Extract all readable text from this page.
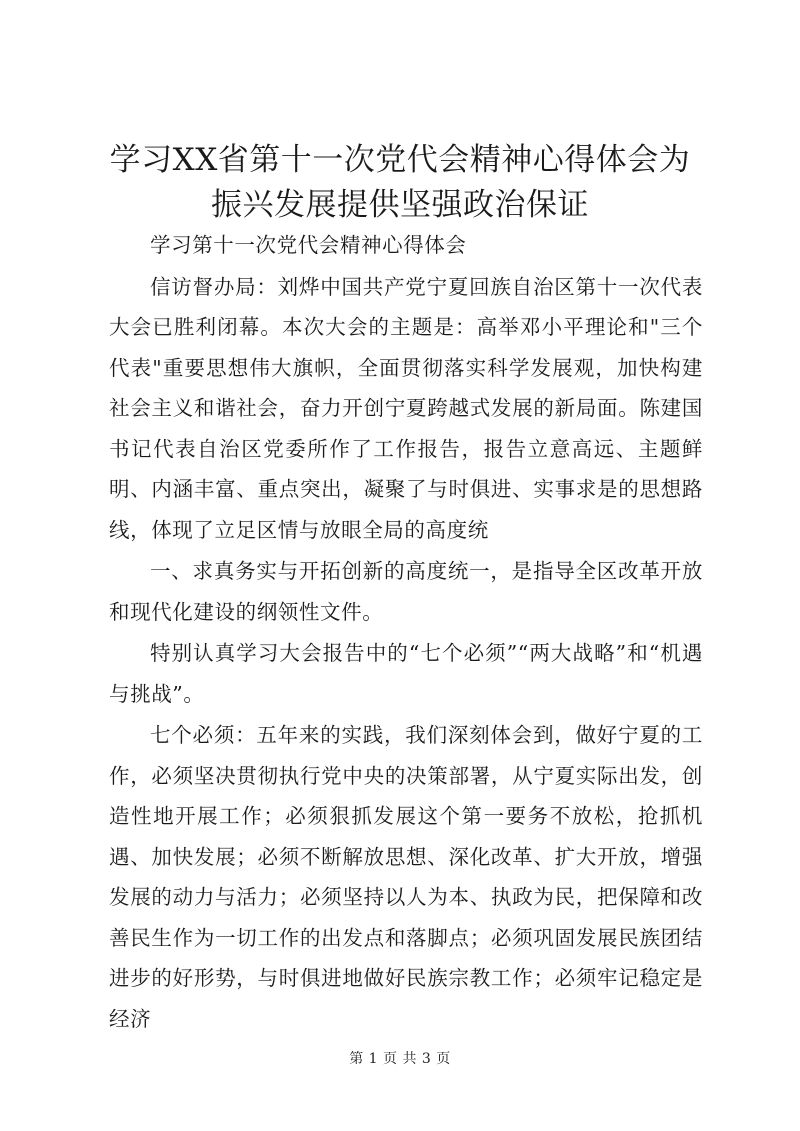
学习XX省第十一次党代会精神心得体会为振兴发展提供坚强政治保证

学习第十一次党代会精神心得体会

信访督办局：刘烨中国共产党宁夏回族自治区第十一次代表大会已胜利闭幕。本次大会的主题是：高举邓小平理论和"三个代表"重要思想伟大旗帜，全面贯彻落实科学发展观，加快构建社会主义和谐社会，奋力开创宁夏跨越式发展的新局面。陈建国书记代表自治区党委所作了工作报告，报告立意高远、主题鲜明、内涵丰富、重点突出，凝聚了与时俱进、实事求是的思想路线，体现了立足区情与放眼全局的高度统

一、求真务实与开拓创新的高度统一，是指导全区改革开放和现代化建设的纲领性文件。

特别认真学习大会报告中的“七个必须”“两大战略”和“机遇与挑战”。

七个必须：五年来的实践，我们深刻体会到，做好宁夏的工作，必须坚决贯彻执行党中央的决策部署，从宁夏实际出发，创造性地开展工作；必须狠抓发展这个第一要务不放松，抢抓机遇、加快发展；必须不断解放思想、深化改革、扩大开放，增强发展的动力与活力；必须坚持以人为本、执政为民，把保障和改善民生作为一切工作的出发点和落脚点；必须巩固发展民族团结进步的好形势，与时俱进地做好民族宗教工作；必须牢记稳定是经济

第 1 页 共 3 页
